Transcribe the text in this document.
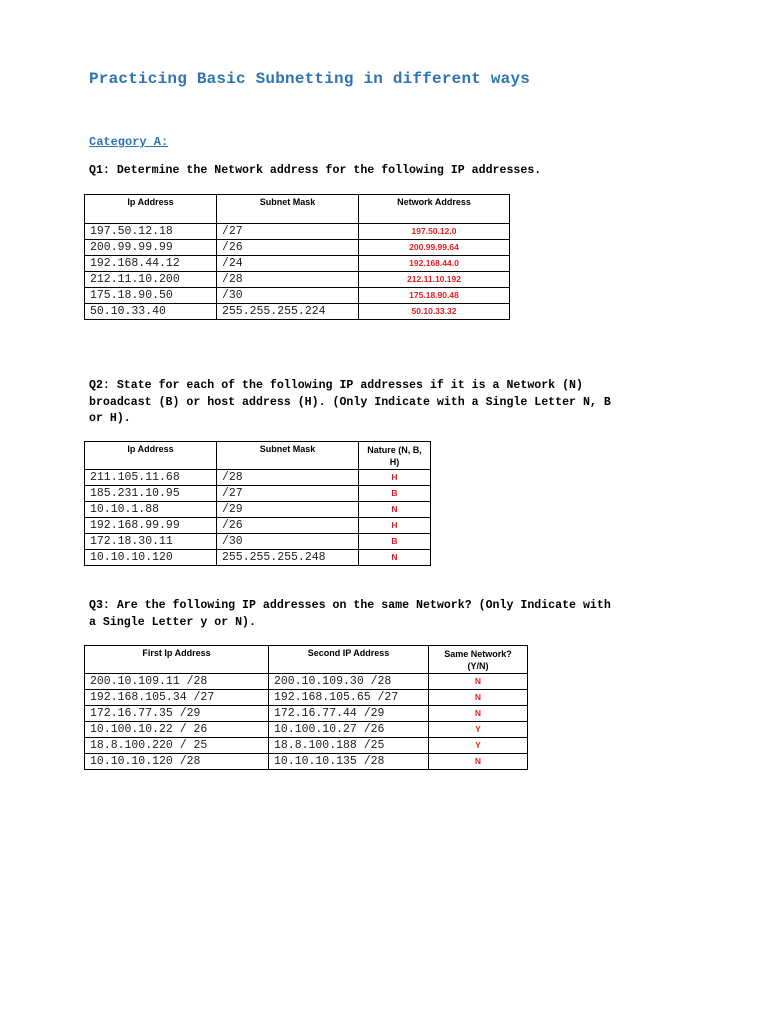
Practicing Basic Subnetting in different ways
Category A:

Q1: Determine the Network address for the following IP addresses.

Ip Address	Subnet Mask	Network Address
197.50.12.18	/27	197.50.12.0
200.99.99.99	/26	200.99.99.64
192.168.44.12	/24	192.168.44.0
212.11.10.200	/28	212.11.10.192
175.18.90.50	/30	175.18.90.48
50.10.33.40	255.255.255.224	50.10.33.32
Q2: State for each of the following IP addresses if it is a Network (N)
broadcast (B) or host address (H). (Only Indicate with a Single Letter N, B
or H).
Ip Address	Subnet Mask	Nature (N, B, H)
211.105.11.68	/28	H
185.231.10.95	/27	B
10.10.1.88	/29	N
192.168.99.99	/26	H
172.18.30.11	/30	B
10.10.10.120	255.255.255.248	N
Q3: Are the following IP addresses on the same Network? (Only Indicate with
a Single Letter y or N).
First Ip Address	Second IP Address	Same Network? (Y/N)
200.10.109.11 /28	200.10.109.30 /28	N
192.168.105.34 /27	192.168.105.65 /27	N
172.16.77.35 /29	172.16.77.44 /29	N
10.100.10.22 / 26	10.100.10.27 /26	Y
18.8.100.220 / 25	18.8.100.188 /25	Y
10.10.10.120 /28	10.10.10.135 /28	N
